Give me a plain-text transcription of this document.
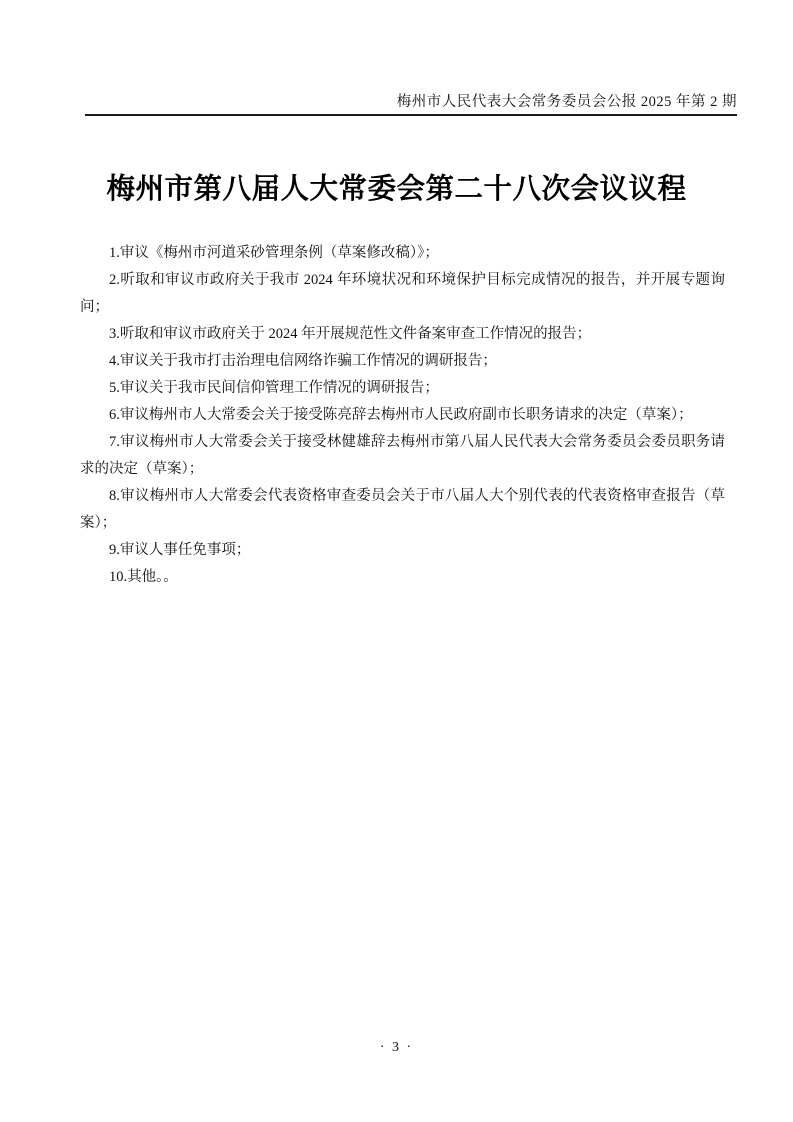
梅州市人民代表大会常务委员会公报 2025 年第 2 期
梅州市第八届人大常委会第二十八次会议议程

1.审议《梅州市河道采砂管理条例（草案修改稿）》；

2.听取和审议市政府关于我市 2024 年环境状况和环境保护目标完成情况的报告，并开展专题询问；

3.听取和审议市政府关于 2024 年开展规范性文件备案审查工作情况的报告；

4.审议关于我市打击治理电信网络诈骗工作情况的调研报告；

5.审议关于我市民间信仰管理工作情况的调研报告；

6.审议梅州市人大常委会关于接受陈亮辞去梅州市人民政府副市长职务请求的决定（草案）；

7.审议梅州市人大常委会关于接受林健雄辞去梅州市第八届人民代表大会常务委员会委员职务请求的决定（草案）；

8.审议梅州市人大常委会代表资格审查委员会关于市八届人大个别代表的代表资格审查报告（草案）；

9.审议人事任免事项；

10.其他。。

· 3 ·
